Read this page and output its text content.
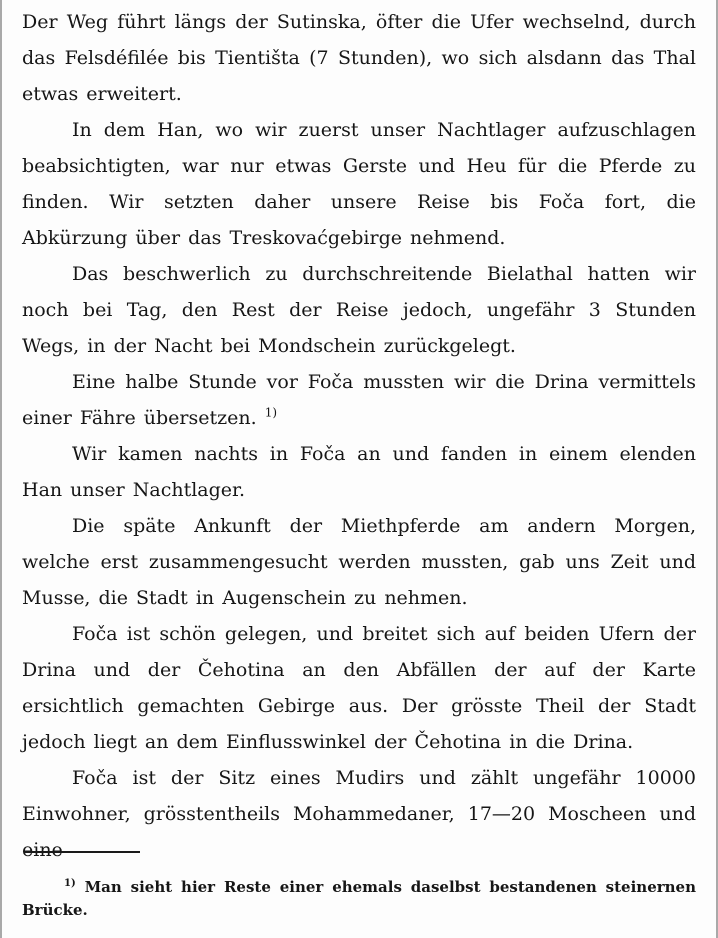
Der Weg führt längs der Sutinska, öfter die Ufer wechselnd, durch das Felsdéfilée bis Tientišta (7 Stunden), wo sich alsdann das Thal etwas erweitert.

In dem Han, wo wir zuerst unser Nachtlager aufzuschlagen beabsichtigten, war nur etwas Gerste und Heu für die Pferde zu finden. Wir setzten daher unsere Reise bis Foča fort, die Abkürzung über das Treskovaćgebirge nehmend.

Das beschwerlich zu durchschreitende Bielathal hatten wir noch bei Tag, den Rest der Reise jedoch, ungefähr 3 Stunden Wegs, in der Nacht bei Mondschein zurückgelegt.

Eine halbe Stunde vor Foča mussten wir die Drina vermittels einer Fähre übersetzen. $^{1)}$

Wir kamen nachts in Foča an und fanden in einem elenden Han unser Nachtlager.

Die späte Ankunft der Miethpferde am andern Morgen, welche erst zusammengesucht werden mussten, gab uns Zeit und Musse, die Stadt in Augenschein zu nehmen.

Foča ist schön gelegen, und breitet sich auf beiden Ufern der Drina und der Čehotina an den Abfällen der auf der Karte ersichtlich gemachten Gebirge aus. Der grösste Theil der Stadt jedoch liegt an dem Einflusswinkel der Čehotina in die Drina.

Foča ist der Sitz eines Mudirs und zählt ungefähr 10000 Einwohner, grösstentheils Mohammedaner, 17—20 Moscheen und eine

$^{1)}$ Man sieht hier Reste einer ehemals daselbst bestandenen steinernen Brücke.
